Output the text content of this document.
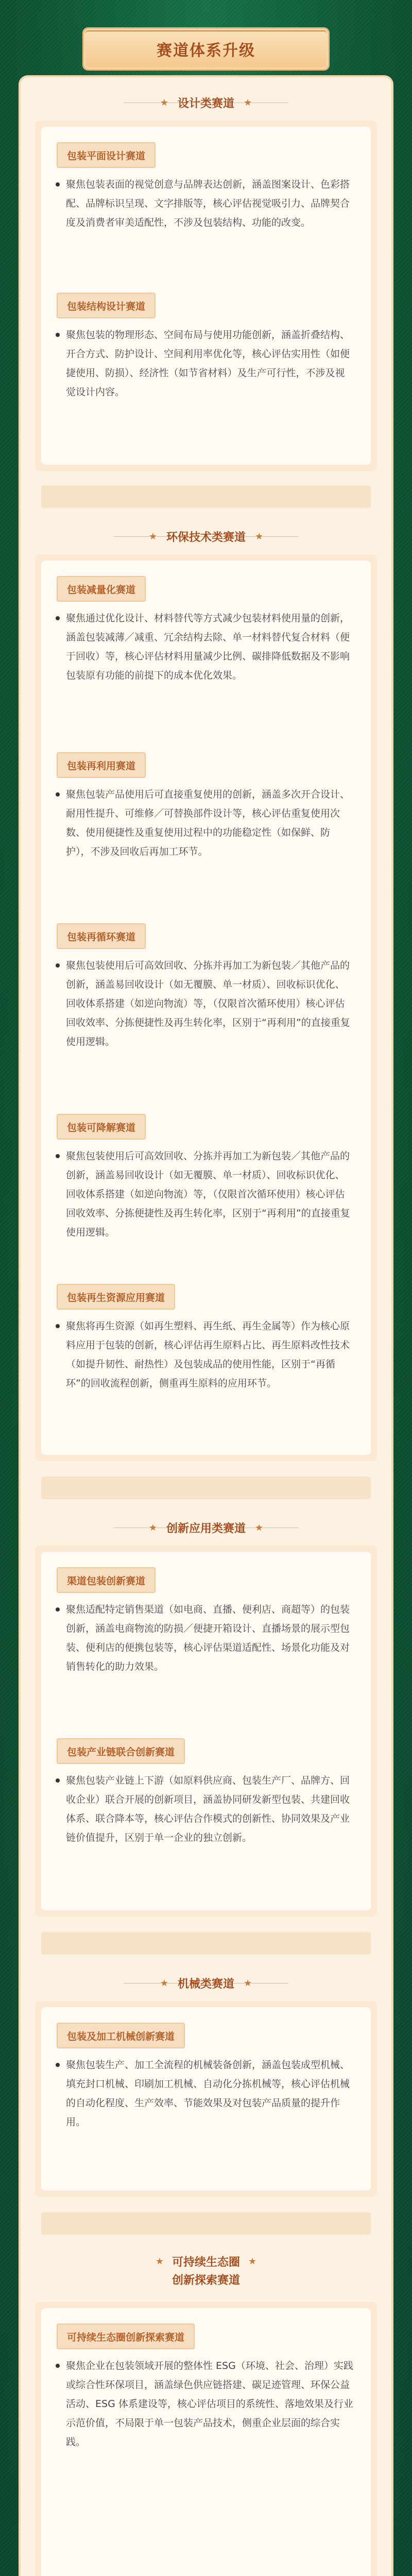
赛道体系升级
★ 设计类赛道 ★
包装平面设计赛道
聚焦包装表面的视觉创意与品牌表达创新，涵盖图案设计、色彩搭配、品牌标识呈现、文字排版等，核心评估视觉吸引力、品牌契合度及消费者审美适配性，不涉及包装结构、功能的改变。
包装结构设计赛道
聚焦包装的物理形态、空间布局与使用功能创新，涵盖折叠结构、开合方式、防护设计、空间利用率优化等，核心评估实用性（如便捷使用、防损）、经济性（如节省材料）及生产可行性，不涉及视觉设计内容。
★ 环保技术类赛道 ★
包装减量化赛道
聚焦通过优化设计、材料替代等方式减少包装材料使用量的创新，涵盖包装减薄／减重、冗余结构去除、单一材料替代复合材料（便于回收）等，核心评估材料用量减少比例、碳排降低数据及不影响包装原有功能的前提下的成本优化效果。
包装再利用赛道
聚焦包装产品使用后可直接重复使用的创新，涵盖多次开合设计、耐用性提升、可维修／可替换部件设计等，核心评估重复使用次数、使用便捷性及重复使用过程中的功能稳定性（如保鲜、防护），不涉及回收后再加工环节。
包装再循环赛道
聚焦包装使用后可高效回收、分拣并再加工为新包装／其他产品的创新，涵盖易回收设计（如无覆膜、单一材质）、回收标识优化、回收体系搭建（如逆向物流）等，（仅限首次循环使用）核心评估回收效率、分拣便捷性及再生转化率，区别于“再利用”的直接重复使用逻辑。
包装可降解赛道
聚焦包装使用后可高效回收、分拣并再加工为新包装／其他产品的创新，涵盖易回收设计（如无覆膜、单一材质）、回收标识优化、回收体系搭建（如逆向物流）等，（仅限首次循环使用）核心评估回收效率、分拣便捷性及再生转化率，区别于“再利用”的直接重复使用逻辑。
包装再生资源应用赛道
聚焦将再生资源（如再生塑料、再生纸、再生金属等）作为核心原料应用于包装的创新，核心评估再生原料占比、再生原料改性技术（如提升韧性、耐热性）及包装成品的使用性能，区别于“再循环”的回收流程创新，侧重再生原料的应用环节。
★ 创新应用类赛道 ★
渠道包装创新赛道
聚焦适配特定销售渠道（如电商、直播、便利店、商超等）的包装创新，涵盖电商物流的防损／便捷开箱设计、直播场景的展示型包装、便利店的便携包装等，核心评估渠道适配性、场景化功能及对销售转化的助力效果。
包装产业链联合创新赛道
聚焦包装产业链上下游（如原料供应商、包装生产厂、品牌方、回收企业）联合开展的创新项目，涵盖协同研发新型包装、共建回收体系、联合降本等，核心评估合作模式的创新性、协同效果及产业链价值提升，区别于单一企业的独立创新。
★ 机械类赛道 ★
包装及加工机械创新赛道
聚焦包装生产、加工全流程的机械装备创新，涵盖包装成型机械、填充封口机械、印刷加工机械、自动化分拣机械等，核心评估机械的自动化程度、生产效率、节能效果及对包装产品质量的提升作用。
★ 可持续生态圈 ★
创新探索赛道
可持续生态圈创新探索赛道
聚焦企业在包装领域开展的整体性 ESG（环境、社会、治理）实践或综合性环保项目，涵盖绿色供应链搭建、碳足迹管理、环保公益活动、ESG 体系建设等，核心评估项目的系统性、落地效果及行业示范价值，不局限于单一包装产品技术，侧重企业层面的综合实践。
